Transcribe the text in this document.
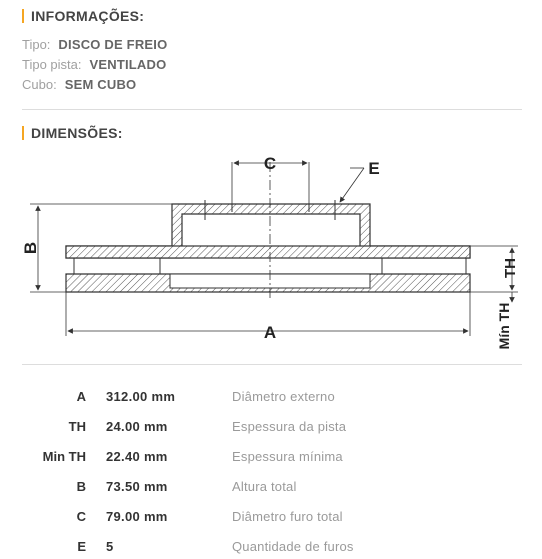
INFORMAÇÕES:
Tipo: DISCO DE FREIO
Tipo pista: VENTILADO
Cubo: SEM CUBO
DIMENSÕES:
C	E
B
A
TH
Mín TH
A 312.00 mm	Diâmetro externo
TH 24.00 mm	Espessura da pista
Min TH 22.40 mm	Espessura mínima
B 73.50 mm	Altura total
C 79.00 mm	Diâmetro furo total
E 5	Quantidade de furos
